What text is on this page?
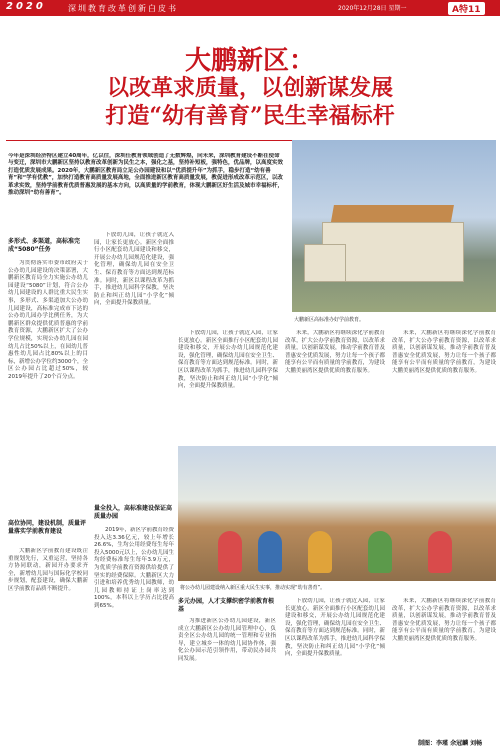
2020	深圳教育改革创新白皮书	2020年12月28日 星期一	A特11
大鹏新区：
以改革求质量，以创新谋发展
打造“幼有善育”民生幸福标杆
今年是深圳经济特区建立40周年，亿以往，深圳任教育领域创造了无数辉煌，向未来，深圳教育建设不断在使命与变迁，深圳市大鹏新区坚持以教育改革创新为民生之本，强化之基，坚持补短板，强特色，优品牌，以高度实效打造优质发展成果。2020年，大鹏新区教育局立足公办园建设和以“优质提升年”为抓手，稳步打造“幼有善育”和“学有优教”，加快打造教育高质量发展高地，全面推进新区教育高质量发展，教促进形成改革示范区，以改革求实效，坚持学前教育优质普惠发展的基本方向，以高质量的学前教育，体现大鹏新区好生活及城市幸福标杆，推动深圳“幼有善育”。
大鹏新区高标准办好学前教育。
多形式、多渠道，高标准完成“5080”任务

为贯彻落实市委市政府关于公办幼儿园建设的决策部署，大鹏新区教育局全力实施公办幼儿园建设“5080”计划，符合公办幼儿园建设的人群比重大民生实事，多形式、多渠道加大公办幼儿园建设，高标准完成市下达的公办幼儿园办学比例任务，为大鹏新区群众提供优质普惠的学前教育资源，大鹏新区扩大了公办学位规模，实现公办幼儿园在园幼儿占比50%以上，在园幼儿普惠性幼儿园占比80%以上的目标，新增公办学位约3000个，全区公办园占比超过50%，较2019年提升了20个百分点。

高位协同，建设机制，质量评量落实学前教育建设

大鹏新区学前教育建设既注重规划先行，又重运营，坚持各方协同联动，新园开办要求齐全，新增幼儿园与国际化学校同步规划，配套建设，确保大鹏新区学前教育品质不断提升。

下放幼儿园，让孩子就近入园，让家长更放心。新区全面推行小区配套幼儿园建设和移交，开展公办幼儿园规范化建设，强化管理，确保幼儿园在安全卫生、保育教育等方面达到规范标准。同时，新区以课程改革为抓手，推进幼儿园科学保教，坚决防止和纠正幼儿园“小学化”倾向，全面提升保教质量。

量全投入，高标准建设保证高质量办园

2019年，新区学前教育经费投入达3.36亿元，较上年增长26.6%，生均公用经费每生每年投入5000元以上，公办幼儿园生均经费标准每生每年3.9万元，为优质学前教育资源供给提供了坚实的经费保障。大鹏新区大力引进和培养优秀幼儿园教师，幼儿园教师持证上岗率达到100%，本科以上学历占比提高到65%。

下放幼儿园，让孩子就近入园，让家长更放心。新区全面推行小区配套幼儿园建设和移交，开展公办幼儿园规范化建设，强化管理，确保幼儿园在安全卫生、保育教育等方面达到规范标准。同时，新区以课程改革为抓手，推进幼儿园科学保教，坚决防止和纠正幼儿园“小学化”倾向，全面提升保教质量。

未来，大鹏新区将继续深化学前教育改革，扩大公办学前教育资源，以改革求质量，以创新谋发展，推动学前教育普及普惠安全优质发展，努力让每一个孩子都能享有公平而有质量的学前教育，为建设大鹏美丽湾区提供优质的教育服务。

未来，大鹏新区将继续深化学前教育改革，扩大公办学前教育资源，以改革求质量，以创新谋发展，推动学前教育普及普惠安全优质发展，努力让每一个孩子都能享有公平而有质量的学前教育，为建设大鹏美丽湾区提供优质的教育服务。

将公办幼儿园建设纳入新区重大民生实事，推动实现“幼有善育”。
多元办园，人才支撑织密学前教育根基

为推进新区公办幼儿园建设，新区成立大鹏新区公办幼儿园管理中心，负责全区公办幼儿园的统一管理和专业指导，建立城乡一体的幼儿园协作体，强化公办园示范引领作用，带动民办园共同发展。

下放幼儿园，让孩子就近入园，让家长更放心。新区全面推行小区配套幼儿园建设和移交，开展公办幼儿园规范化建设，强化管理，确保幼儿园在安全卫生、保育教育等方面达到规范标准。同时，新区以课程改革为抓手，推进幼儿园科学保教，坚决防止和纠正幼儿园“小学化”倾向，全面提升保教质量。

未来，大鹏新区将继续深化学前教育改革，扩大公办学前教育资源，以改革求质量，以创新谋发展，推动学前教育普及普惠安全优质发展，努力让每一个孩子都能享有公平而有质量的学前教育，为建设大鹏美丽湾区提供优质的教育服务。

制图：李瑾 余冠麟 刘畅
